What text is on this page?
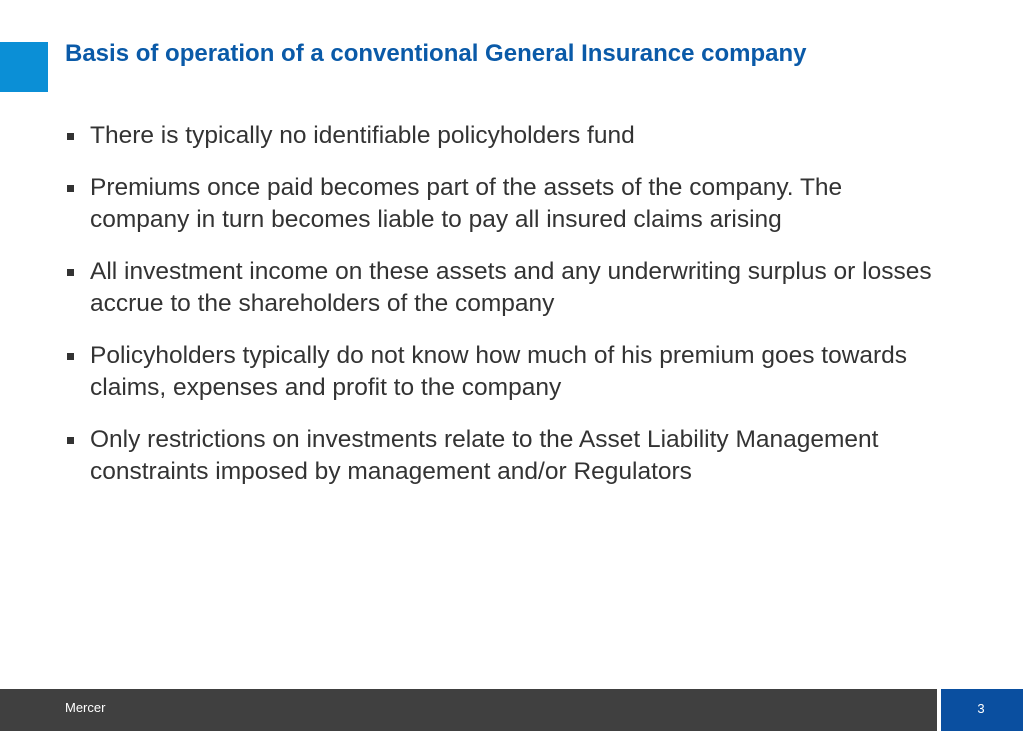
Basis of operation of a conventional General Insurance company
There is typically no identifiable policyholders fund
Premiums once paid becomes part of the assets of the company. The company in turn becomes liable to pay all insured claims arising
All investment income on these assets and any underwriting surplus or losses accrue to the shareholders of the company
Policyholders typically do not know how much of his premium goes towards claims, expenses and profit to the company
Only restrictions on investments relate to the Asset Liability Management constraints imposed by management and/or Regulators
Mercer	3
